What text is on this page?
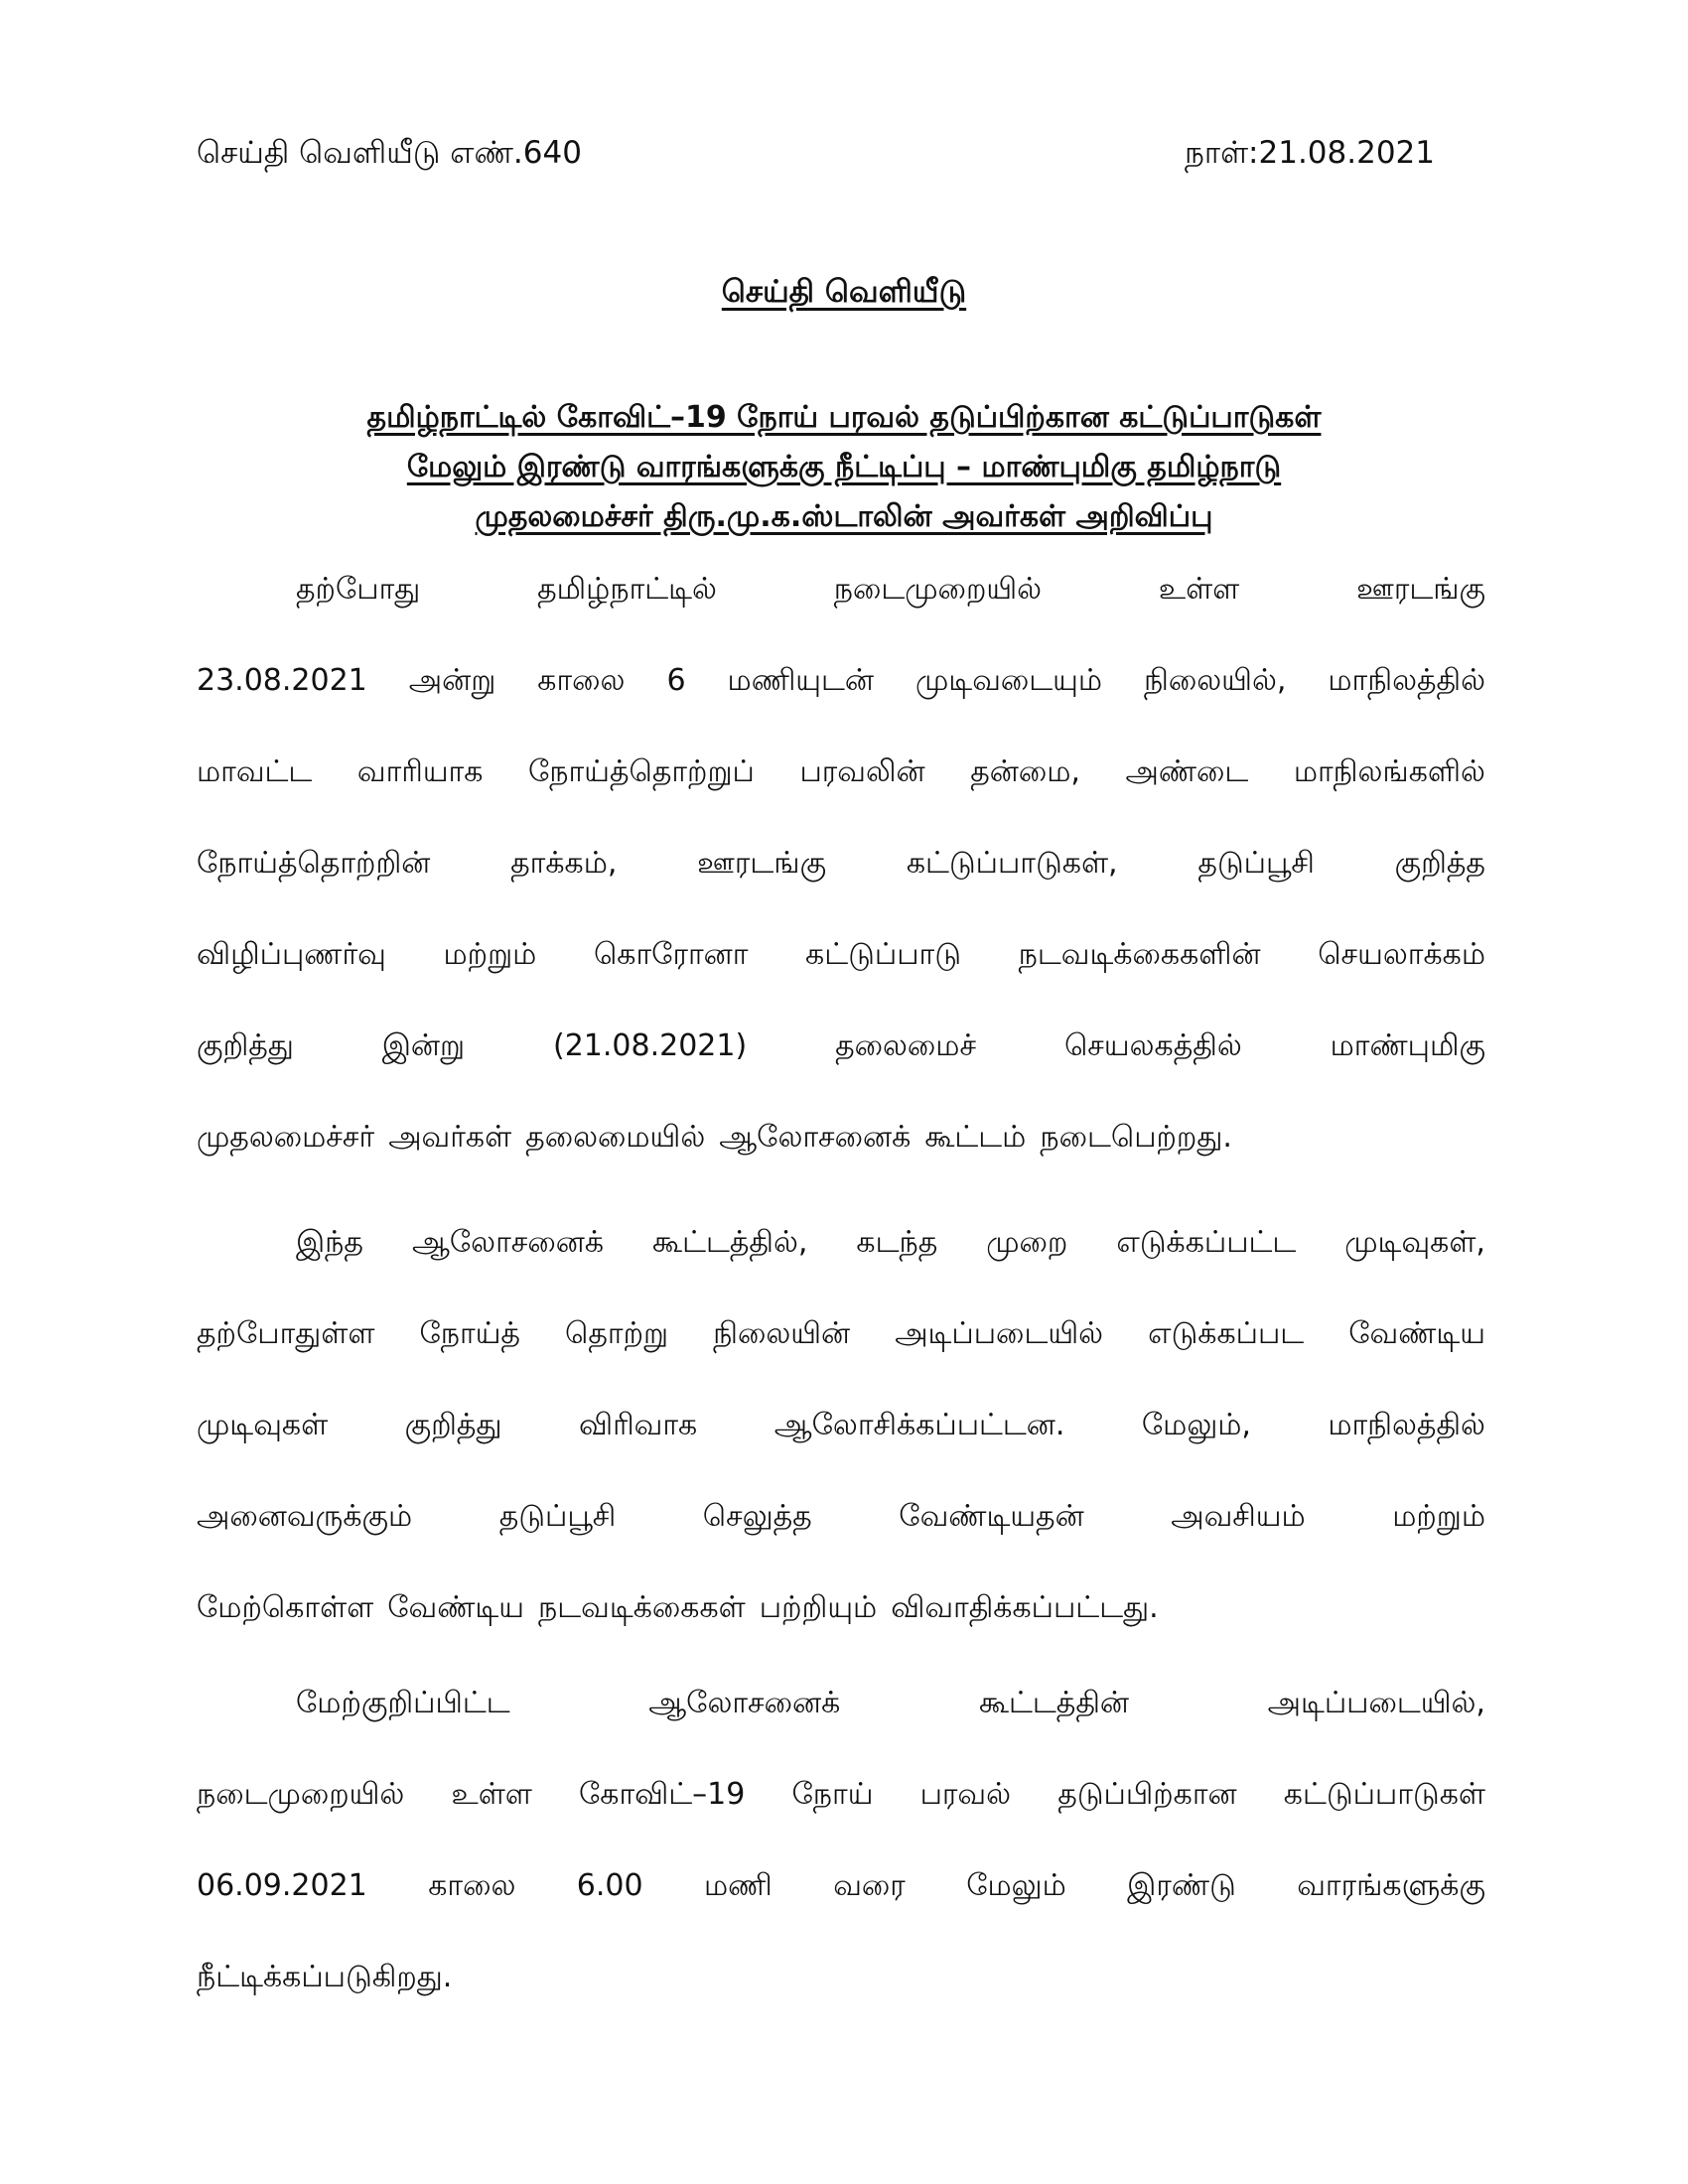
செய்தி வெளியீடு எண்.640	நாள்:21.08.2021
செய்தி வெளியீடு
தமிழ்நாட்டில் கோவிட்–19 நோய் பரவல் தடுப்பிற்கான கட்டுப்பாடுகள்
மேலும் இரண்டு வாரங்களுக்கு நீட்டிப்பு – மாண்புமிகு தமிழ்நாடு
முதலமைச்சர் திரு.மு.க.ஸ்டாலின் அவர்கள் அறிவிப்பு
தற்போது	தமிழ்நாட்டில்	நடைமுறையில்	உள்ள	ஊரடங்கு
23.08.2021 அன்று காலை 6 மணியுடன் முடிவடையும் நிலையில், மாநிலத்தில்
மாவட்ட வாரியாக நோய்த்தொற்றுப் பரவலின் தன்மை, அண்டை மாநிலங்களில்
நோய்த்தொற்றின்	தாக்கம்,	ஊரடங்கு	கட்டுப்பாடுகள்,	தடுப்பூசி	குறித்த
விழிப்புணர்வு மற்றும் கொரோனா கட்டுப்பாடு நடவடிக்கைகளின் செயலாக்கம்
குறித்து	இன்று	(21.08.2021)	தலைமைச்	செயலகத்தில்	மாண்புமிகு
முதலமைச்சர் அவர்கள் தலைமையில் ஆலோசனைக் கூட்டம் நடைபெற்றது.
இந்த ஆலோசனைக் கூட்டத்தில், கடந்த முறை எடுக்கப்பட்ட முடிவுகள்,
தற்போதுள்ள நோய்த் தொற்று நிலையின் அடிப்படையில் எடுக்கப்பட வேண்டிய
முடிவுகள்	குறித்து	விரிவாக	ஆலோசிக்கப்பட்டன.	மேலும்,	மாநிலத்தில்
அனைவருக்கும்	தடுப்பூசி	செலுத்த	வேண்டியதன்	அவசியம்	மற்றும்
மேற்கொள்ள வேண்டிய நடவடிக்கைகள் பற்றியும் விவாதிக்கப்பட்டது.
மேற்குறிப்பிட்ட	ஆலோசனைக்	கூட்டத்தின்	அடிப்படையில்,
நடைமுறையில் உள்ள கோவிட்–19 நோய் பரவல் தடுப்பிற்கான கட்டுப்பாடுகள்
06.09.2021 காலை 6.00 மணி வரை மேலும் இரண்டு வாரங்களுக்கு
நீட்டிக்கப்படுகிறது.
